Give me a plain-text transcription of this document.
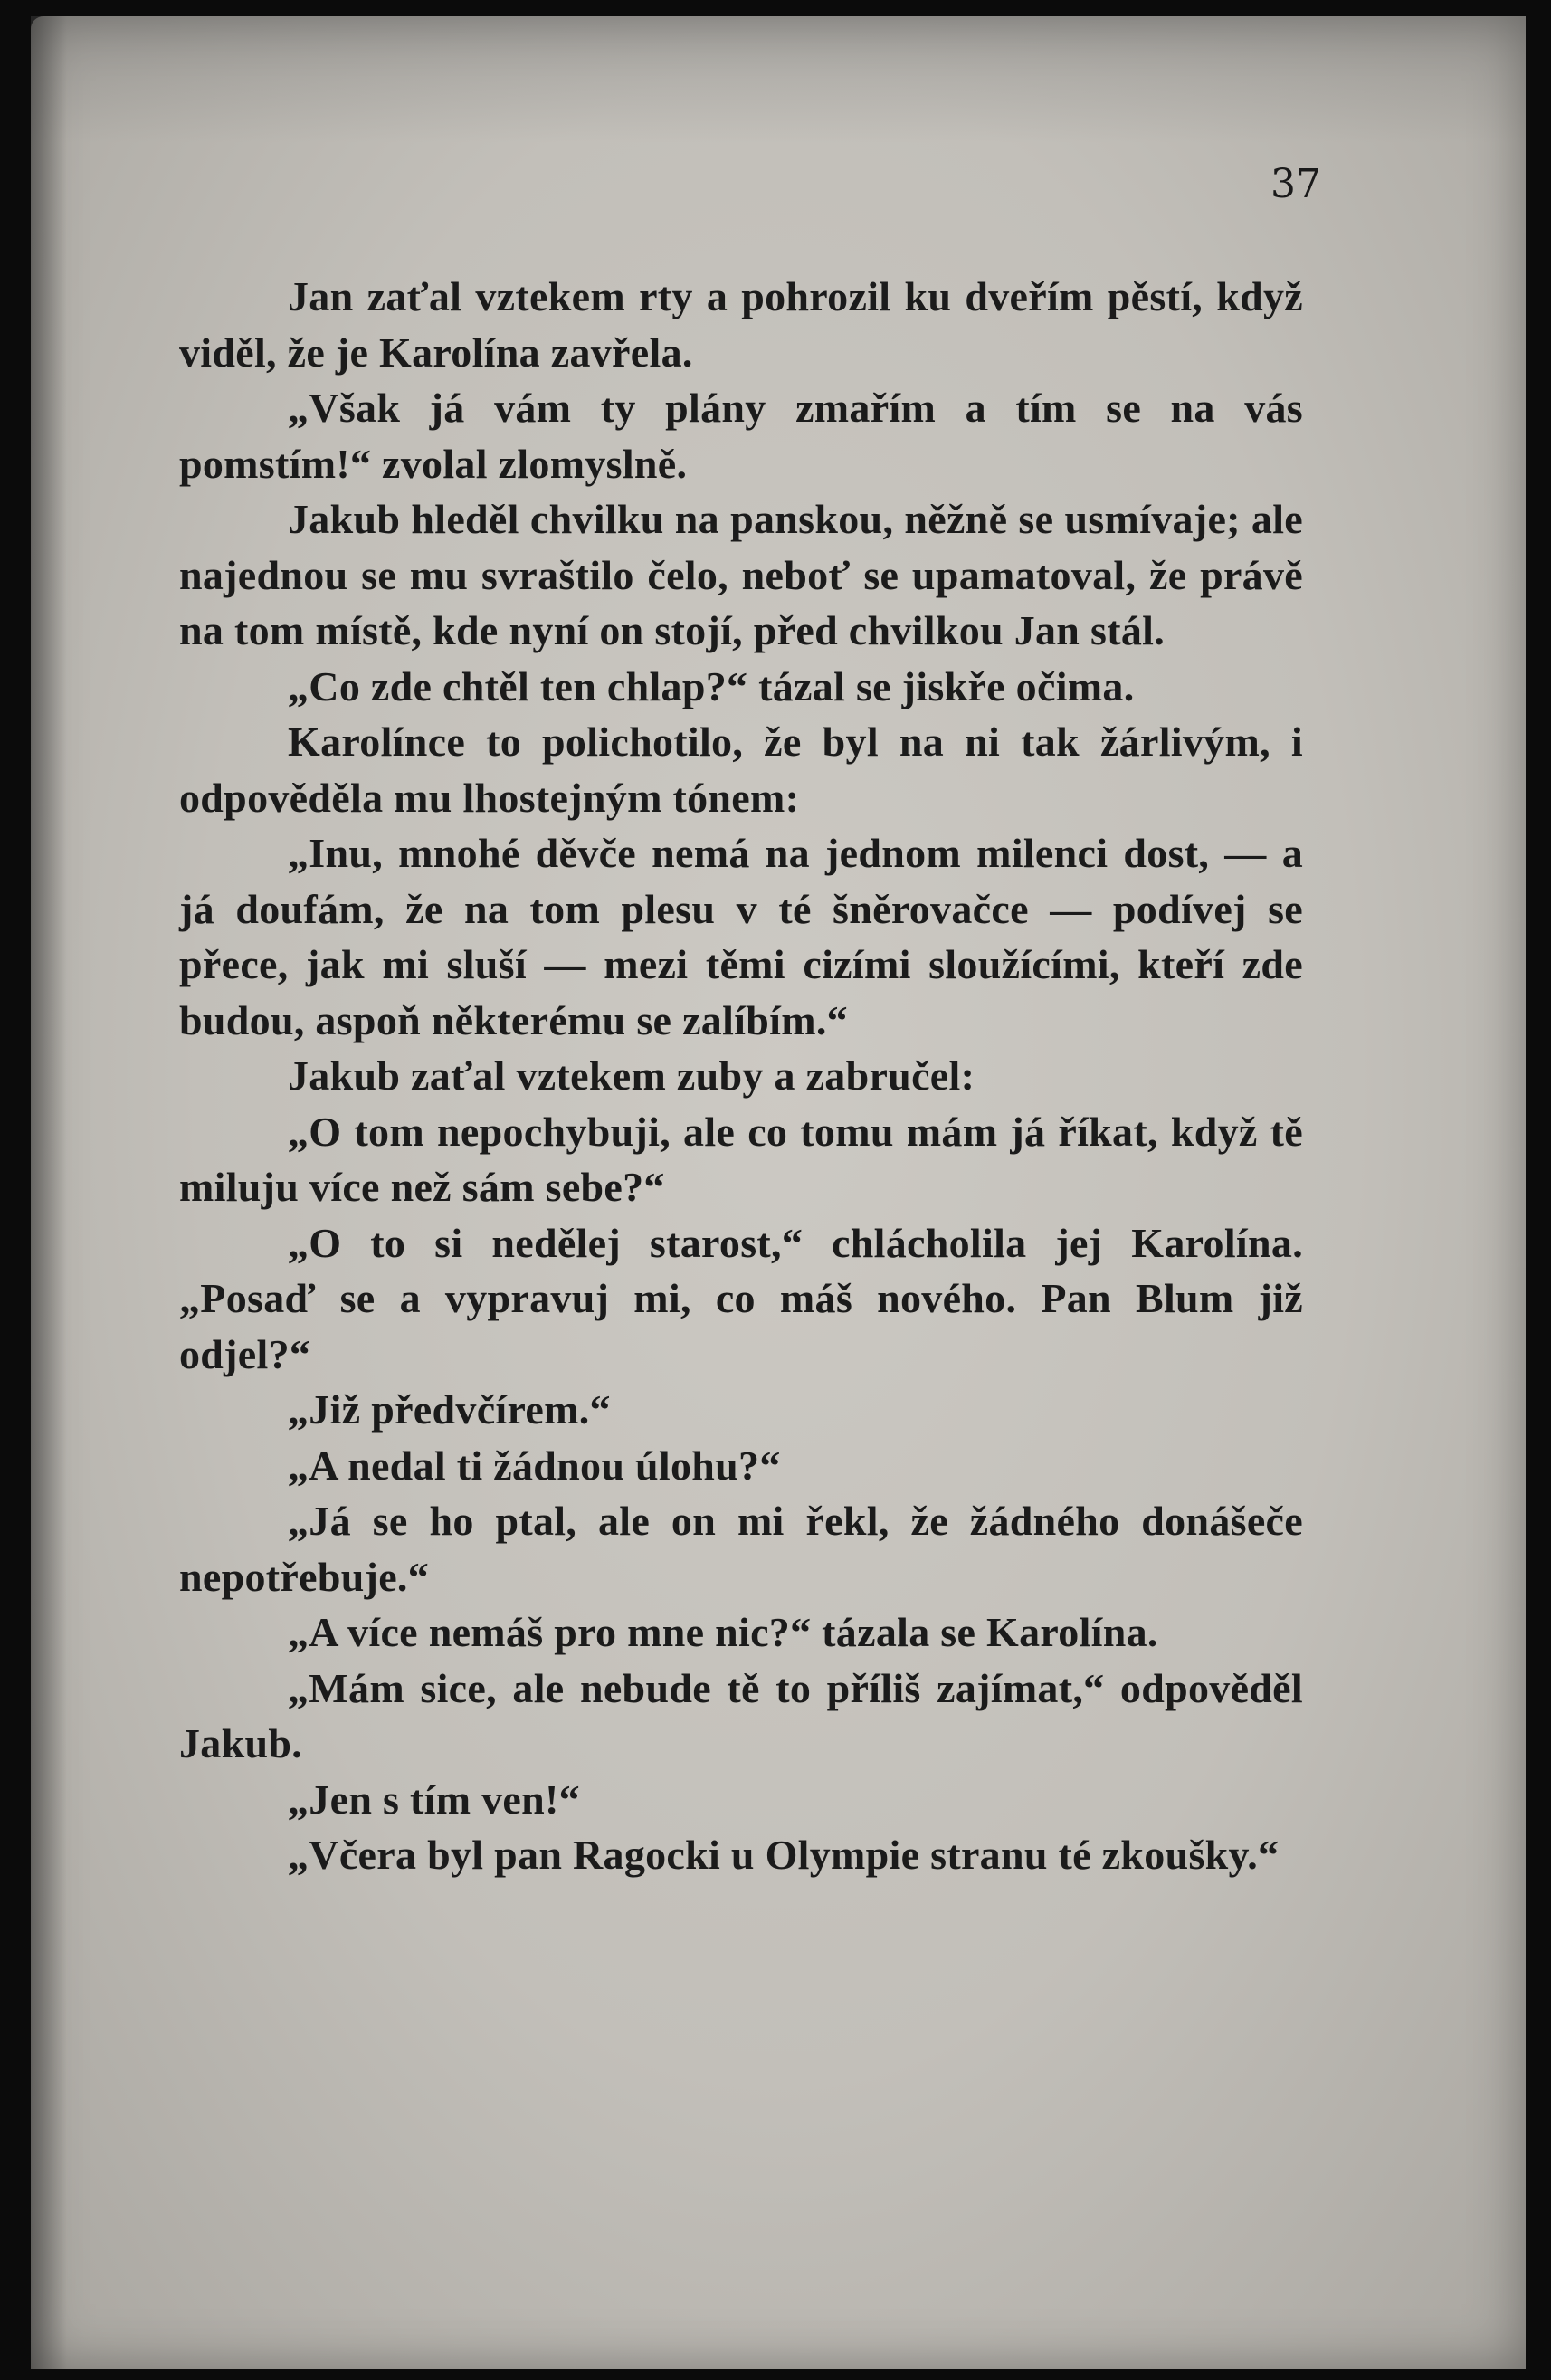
37

Jan zaťal vztekem rty a pohrozil ku dveřím pěstí, když viděl, že je Karolína zavřela.

„Však já vám ty plány zmařím a tím se na vás pomstím!“ zvolal zlomyslně.

Jakub hleděl chvilku na panskou, něžně se usmívaje; ale najednou se mu svraštilo čelo, neboť se upamatoval, že právě na tom místě, kde nyní on stojí, před chvilkou Jan stál.

„Co zde chtěl ten chlap?“ tázal se jiskře očima.

Karolínce to polichotilo, že byl na ni tak žárlivým, i odpověděla mu lhostejným tónem:

„Inu, mnohé děvče nemá na jednom milenci dost, — a já doufám, že na tom plesu v té šněrovačce — podívej se přece, jak mi sluší — mezi těmi cizími sloužícími, kteří zde budou, aspoň některému se zalíbím.“

Jakub zaťal vztekem zuby a zabručel:

„O tom nepochybuji, ale co tomu mám já říkat, když tě miluju více než sám sebe?“

„O to si nedělej starost,“ chlácholila jej Karolína. „Posaď se a vypravuj mi, co máš nového. Pan Blum již odjel?“

„Již předvčírem.“

„A nedal ti žádnou úlohu?“

„Já se ho ptal, ale on mi řekl, že žádného donášeče nepotřebuje.“

„A více nemáš pro mne nic?“ tázala se Karolína.

„Mám sice, ale nebude tě to příliš zajímat,“ odpověděl Jakub.

„Jen s tím ven!“

„Včera byl pan Ragocki u Olympie stranu té zkoušky.“
